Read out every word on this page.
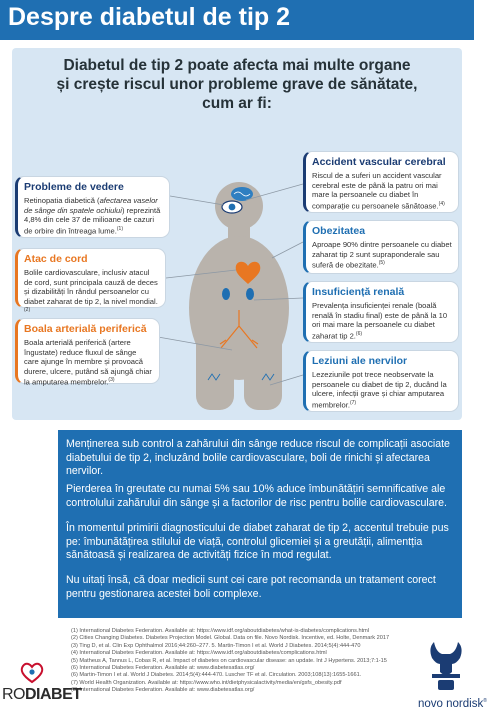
Despre diabetul de tip 2
Diabetul de tip 2 poate afecta mai multe organe
și crește riscul unor probleme grave de sănătate,
cum ar fi:
Probleme de vedere
Retinopatia diabetică (afectarea vaselor de sânge din spatele ochiului) reprezintă 4,8% din cele 37 de milioane de cazuri de orbire din întreaga lume.$^{(1)}$
Atac de cord
Bolile cardiovasculare, inclusiv atacul de cord, sunt principala cauză de deces și dizabilități în rândul persoanelor cu diabet zaharat de tip 2, la nivel mondial.$^{(2)}$
Boala arterială periferică
Boala arterială periferică (artere îngustate) reduce fluxul de sânge care ajunge în membre și provoacă durere, ulcere, putând să ajungă chiar la amputarea membrelor.$^{(3)}$
Accident vascular cerebral
Riscul de a suferi un accident vascular cerebral este de până la patru ori mai mare la persoanele cu diabet în comparație cu persoanele sănătoase.$^{(4)}$
Obezitatea
Aproape 90% dintre persoanele cu diabet zaharat tip 2 sunt supraponderale sau suferă de obezitate.$^{(5)}$
Insuficiență renală
Prevalența insuficienței renale (boală renală în stadiu final) este de până la 10 ori mai mare la persoanele cu diabet zaharat tip 2.$^{(6)}$
Leziuni ale nervilor
Lezeziunile pot trece neobservate la persoanele cu diabet de tip 2, ducând la ulcere, infecții grave și chiar amputarea membrelor.$^{(7)}$
Menținerea sub control a zahărului din sânge reduce riscul de complicații asociate diabetului de tip 2, incluzând bolile cardiovasculare, boli de rinichi și afectarea nervilor.
Pierderea în greutate cu numai 5% sau 10% aduce îmbunătățiri semnificative ale controlului zahărului din sânge și a factorilor de risc pentru bolile cardiovasculare.
În momentul primirii diagnosticului de diabet zaharat de tip 2, accentul trebuie pus pe: îmbunătățirea stilului de viață, controlul glicemiei și a greutății, alimentția sănătoasă și realizarea de activități fizice în mod regulat.
Nu uitați însă, că doar medicii sunt cei care pot recomanda un tratament corect pentru gestionarea acestei boli complexe.
(1) International Diabetes Federation. Available at: https://www.idf.org/aboutdiabetes/what-is-diabetes/complications.html
(2) Cities Changing Diabetes. Diabetes Projection Model. Global. Data on file. Novo Nordisk. Incentive, ed. Holte, Denmark 2017
(3) Ting D, et al. Clin Exp Ophthalmol 2016;44:260–277. 5. Martin-Timon I et al. World J Diabetes. 2014;5(4):444-470
(4) International Diabetes Federation. Available at: https://www.idf.org/aboutdiabetes/complications.html
(5) Matheus A, Tannus L, Cobas R, et al. Impact of diabetes on cardiovascular disease: an update. Int J Hypertens. 2013;7:1-15
(6) International Diabetes Federation. Available at: www.diabetesatlas.org/
(6) Martin-Timon I et al. World J Diabetes. 2014;5(4):444-470. Luscher TF et al. Circulation. 2003;108(13):1655-1661.
(7) World Health Organization. Available at: https://www.who.int/dietphysicalactivity/media/en/gsfs_obesity.pdf
(8) International Diabetes Federation. Available at: www.diabetesatlas.org/
RODIABET
novo nordisk®
